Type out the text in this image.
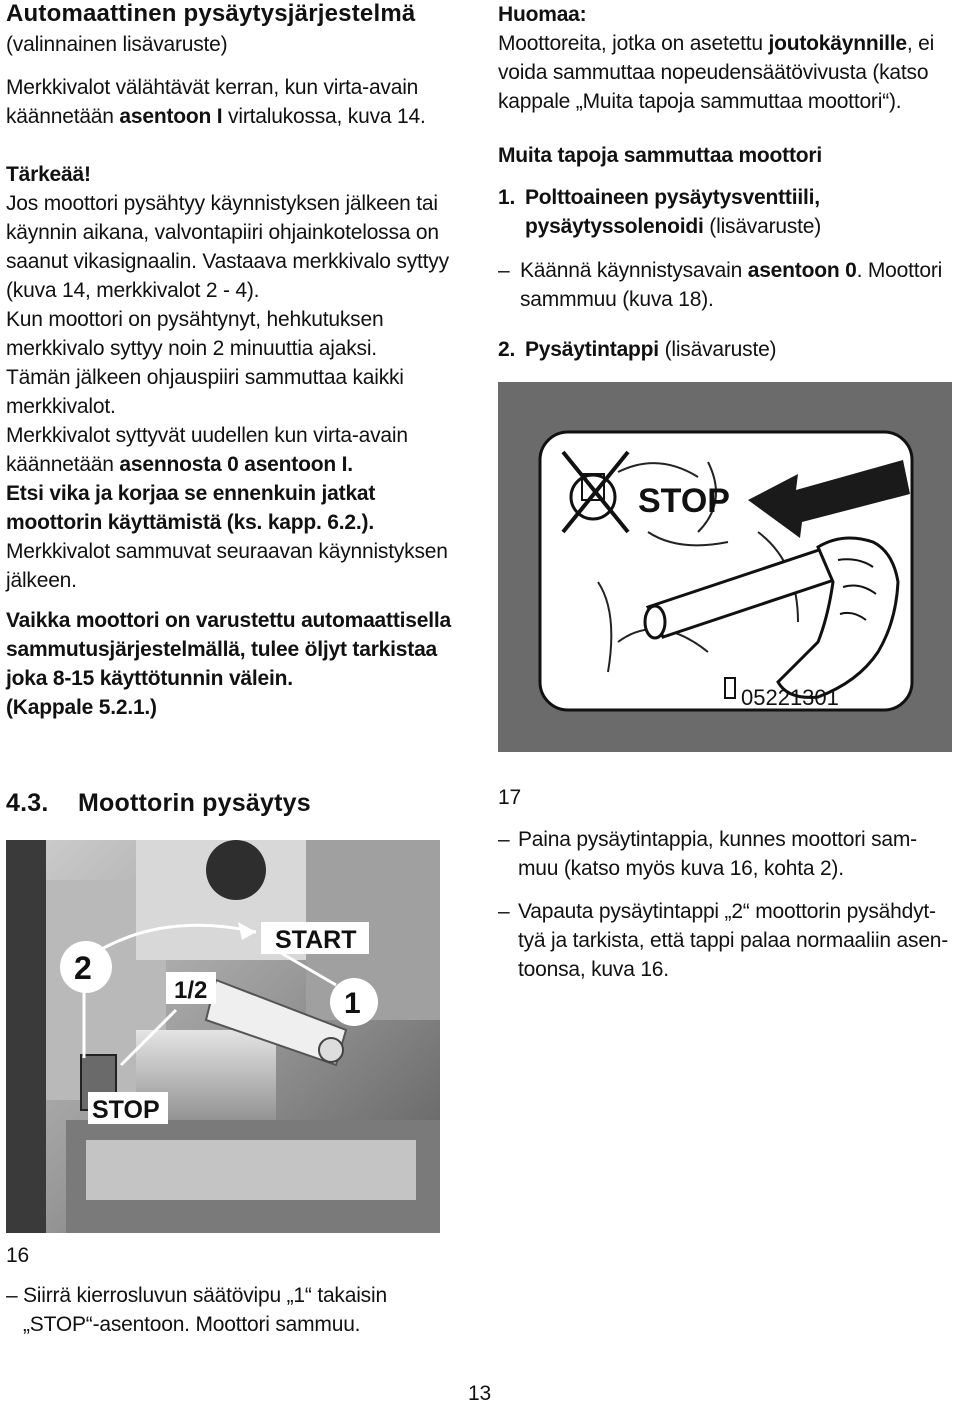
Automaattinen pysäytysjärjestelmä
(valinnainen lisävaruste)
Merkkivalot välähtävät kerran, kun virta-avain
käännetään asentoon I virtalukossa, kuva 14.
Tärkeää!
Jos moottori pysähtyy käynnistyksen jälkeen tai
käynnin aikana, valvontapiiri ohjainkotelossa on
saanut vikasignaalin. Vastaava merkkivalo syttyy
(kuva 14, merkkivalot 2 - 4).
Kun moottori on pysähtynyt, hehkutuksen
merkkivalo syttyy noin 2 minuuttia ajaksi.
Tämän jälkeen ohjauspiiri sammuttaa kaikki
merkkivalot.
Merkkivalot syttyvät uudellen kun virta-avain
käännetään asennosta 0 asentoon I.
Etsi vika ja korjaa se ennenkuin jatkat
moottorin käyttämistä (ks. kapp. 6.2.).
Merkkivalot sammuvat seuraavan käynnistyksen
jälkeen.
Vaikka moottori on varustettu automaattisella
sammutusjärjestelmällä, tulee öljyt tarkistaa
joka 8-15 käyttötunnin välein.
(Kappale 5.2.1.)
Huomaa:
Moottoreita, jotka on asetettu joutokäynnille, ei
voida sammuttaa nopeudensäätövivusta (katso
kappale „Muita tapoja sammuttaa moottori“).
Muita tapoja sammuttaa moottori
1. Polttoaineen pysäytysventtiili,
pysäytyssolenoidi (lisävaruste)
– Käännä käynnistysavain asentoon 0. Moottori
sammmuu (kuva 18).
2. Pysäytintappi (lisävaruste)
STOP
05221301
17
– Paina pysäytintappia, kunnes moottori sam-
muu (katso myös kuva 16, kohta 2).
– Vapauta pysäytintappi „2“ moottorin pysähdyt-
tyä ja tarkista, että tappi palaa normaaliin asen-
toonsa, kuva 16.
4.3. Moottorin pysäytys
START
2
1/2	1
STOP
16
– Siirrä kierrosluvun säätövipu „1“ takaisin
„STOP“-asentoon. Moottori sammuu.
13
